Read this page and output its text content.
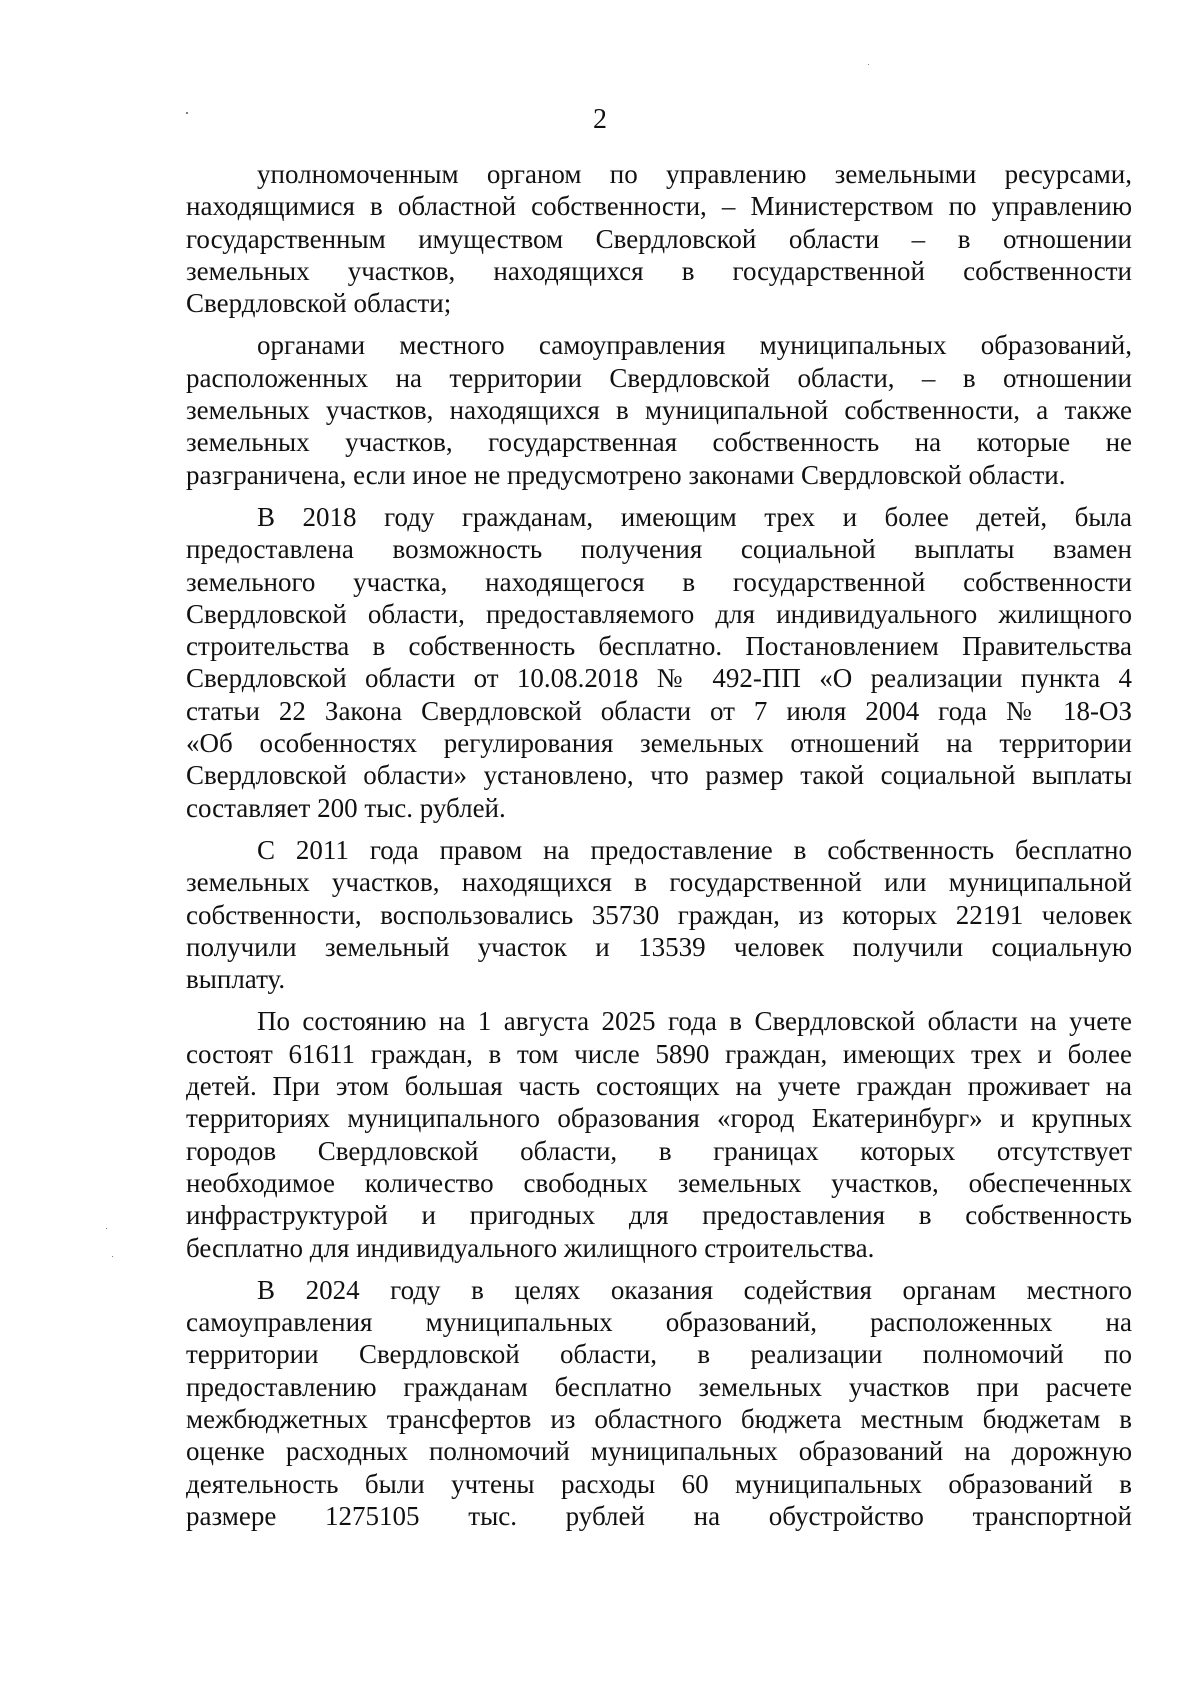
2
уполномоченным органом по управлению земельными ресурсами,
находящимися в областной собственности, – Министерством по управлению
государственным имуществом Свердловской области – в отношении
земельных участков, находящихся в государственной собственности
Свердловской области;
органами местного самоуправления муниципальных образований,
расположенных на территории Свердловской области, – в отношении
земельных участков, находящихся в муниципальной собственности, а также
земельных участков, государственная собственность на которые не
разграничена, если иное не предусмотрено законами Свердловской области.
В 2018 году гражданам, имеющим трех и более детей, была
предоставлена возможность получения социальной выплаты взамен
земельного участка, находящегося в государственной собственности
Свердловской области, предоставляемого для индивидуального жилищного
строительства в собственность бесплатно. Постановлением Правительства
Свердловской области от 10.08.2018 № 492-ПП «О реализации пункта 4
статьи 22 Закона Свердловской области от 7 июля 2004 года № 18-ОЗ
«Об особенностях регулирования земельных отношений на территории
Свердловской области» установлено, что размер такой социальной выплаты
составляет 200 тыс. рублей.
С 2011 года правом на предоставление в собственность бесплатно
земельных участков, находящихся в государственной или муниципальной
собственности, воспользовались 35730 граждан, из которых 22191 человек
получили земельный участок и 13539 человек получили социальную
выплату.
По состоянию на 1 августа 2025 года в Свердловской области на учете
состоят 61611 граждан, в том числе 5890 граждан, имеющих трех и более
детей. При этом большая часть состоящих на учете граждан проживает на
территориях муниципального образования «город Екатеринбург» и крупных
городов Свердловской области, в границах которых отсутствует
необходимое количество свободных земельных участков, обеспеченных
инфраструктурой и пригодных для предоставления в собственность
бесплатно для индивидуального жилищного строительства.
В 2024 году в целях оказания содействия органам местного
самоуправления муниципальных образований, расположенных на
территории Свердловской области, в реализации полномочий по
предоставлению гражданам бесплатно земельных участков при расчете
межбюджетных трансфертов из областного бюджета местным бюджетам в
оценке расходных полномочий муниципальных образований на дорожную
деятельность были учтены расходы 60 муниципальных образований в
размере 1275105 тыс. рублей на обустройство транспортной
